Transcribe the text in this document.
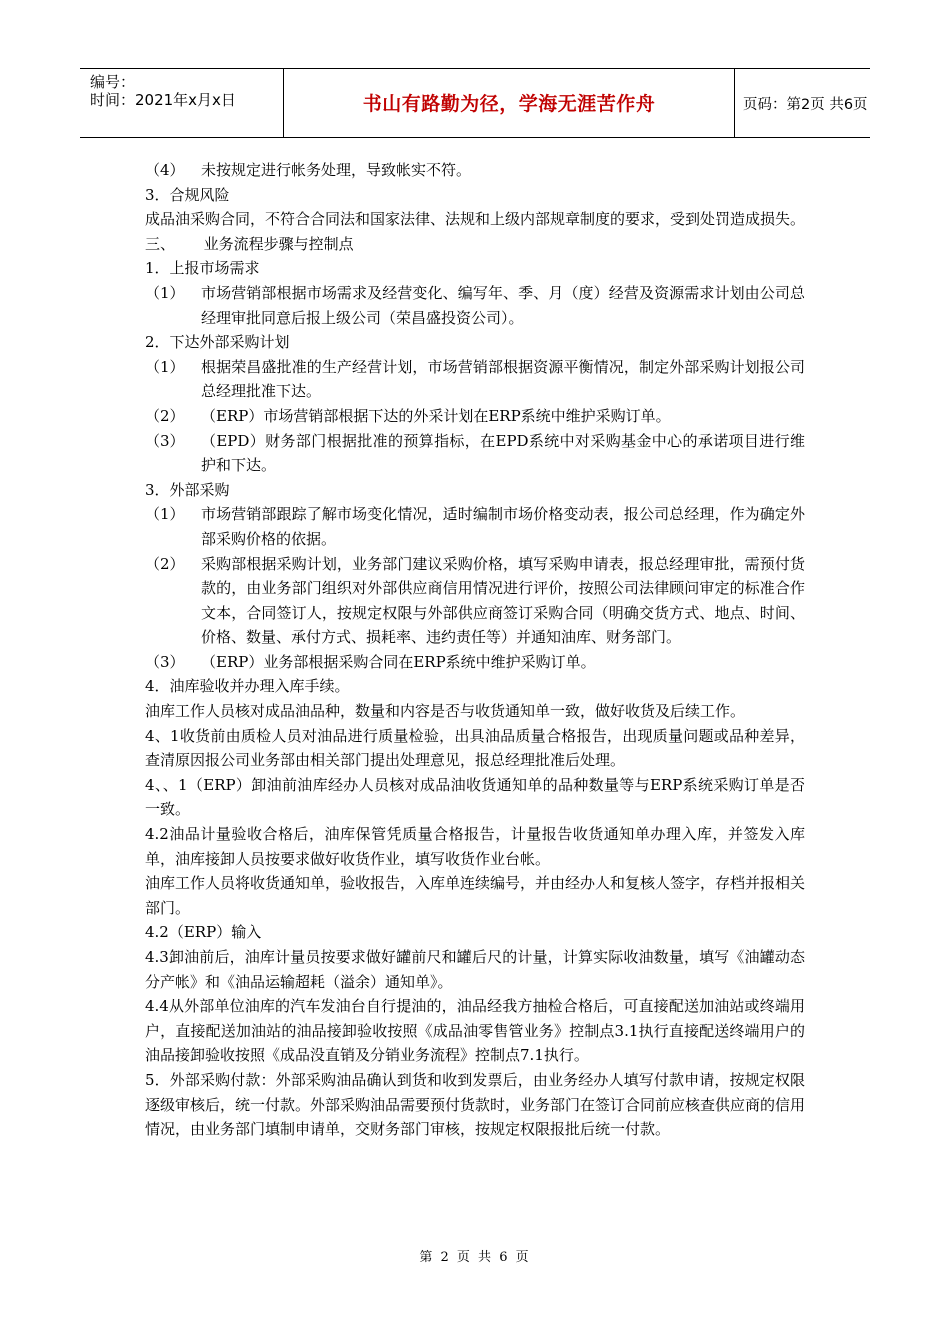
编号：
时间：2021年x月x日	书山有路勤为径，学海无涯苦作舟	页码：第2页 共6页

（4） 未按规定进行帐务处理，导致帐实不符。

3．合规风险

成品油采购合同，不符合合同法和国家法律、法规和上级内部规章制度的要求，受到处罚造成损失。

三、      业务流程步骤与控制点

1．上报市场需求

（1） 市场营销部根据市场需求及经营变化、编写年、季、月（度）经营及资源需求计划由公司总经理审批同意后报上级公司（荣昌盛投资公司）。

2．下达外部采购计划

（1） 根据荣昌盛批准的生产经营计划，市场营销部根据资源平衡情况，制定外部采购计划报公司总经理批准下达。

（2） （ERP）市场营销部根据下达的外采计划在ERP系统中维护采购订单。

（3） （EPD）财务部门根据批准的预算指标，在EPD系统中对采购基金中心的承诺项目进行维护和下达。

3．外部采购

（1） 市场营销部跟踪了解市场变化情况，适时编制市场价格变动表，报公司总经理，作为确定外部采购价格的依据。

（2） 采购部根据采购计划，业务部门建议采购价格，填写采购申请表，报总经理审批，需预付货款的，由业务部门组织对外部供应商信用情况进行评价，按照公司法律顾问审定的标准合作文本，合同签订人，按规定权限与外部供应商签订采购合同（明确交货方式、地点、时间、价格、数量、承付方式、损耗率、违约责任等）并通知油库、财务部门。

（3） （ERP）业务部根据采购合同在ERP系统中维护采购订单。

4．油库验收并办理入库手续。

油库工作人员核对成品油品种，数量和内容是否与收货通知单一致，做好收货及后续工作。

4、1收货前由质检人员对油品进行质量检验，出具油品质量合格报告，出现质量问题或品种差异，查清原因报公司业务部由相关部门提出处理意见，报总经理批准后处理。

4、、1（ERP）卸油前油库经办人员核对成品油收货通知单的品种数量等与ERP系统采购订单是否一致。

4.2油品计量验收合格后，油库保管凭质量合格报告，计量报告收货通知单办理入库，并签发入库单，油库接卸人员按要求做好收货作业，填写收货作业台帐。

油库工作人员将收货通知单，验收报告，入库单连续编号，并由经办人和复核人签字，存档并报相关部门。

4.2（ERP）输入

4.3卸油前后，油库计量员按要求做好罐前尺和罐后尺的计量，计算实际收油数量，填写《油罐动态分产帐》和《油品运输超耗（溢余）通知单》。

4.4从外部单位油库的汽车发油台自行提油的，油品经我方抽检合格后，可直接配送加油站或终端用户，直接配送加油站的油品接卸验收按照《成品油零售管业务》控制点3.1执行直接配送终端用户的油品接卸验收按照《成品没直销及分销业务流程》控制点7.1执行。

5．外部采购付款：外部采购油品确认到货和收到发票后，由业务经办人填写付款申请，按规定权限逐级审核后，统一付款。外部采购油品需要预付货款时，业务部门在签订合同前应核查供应商的信用情况，由业务部门填制申请单，交财务部门审核，按规定权限报批后统一付款。

第 2 页 共 6 页
